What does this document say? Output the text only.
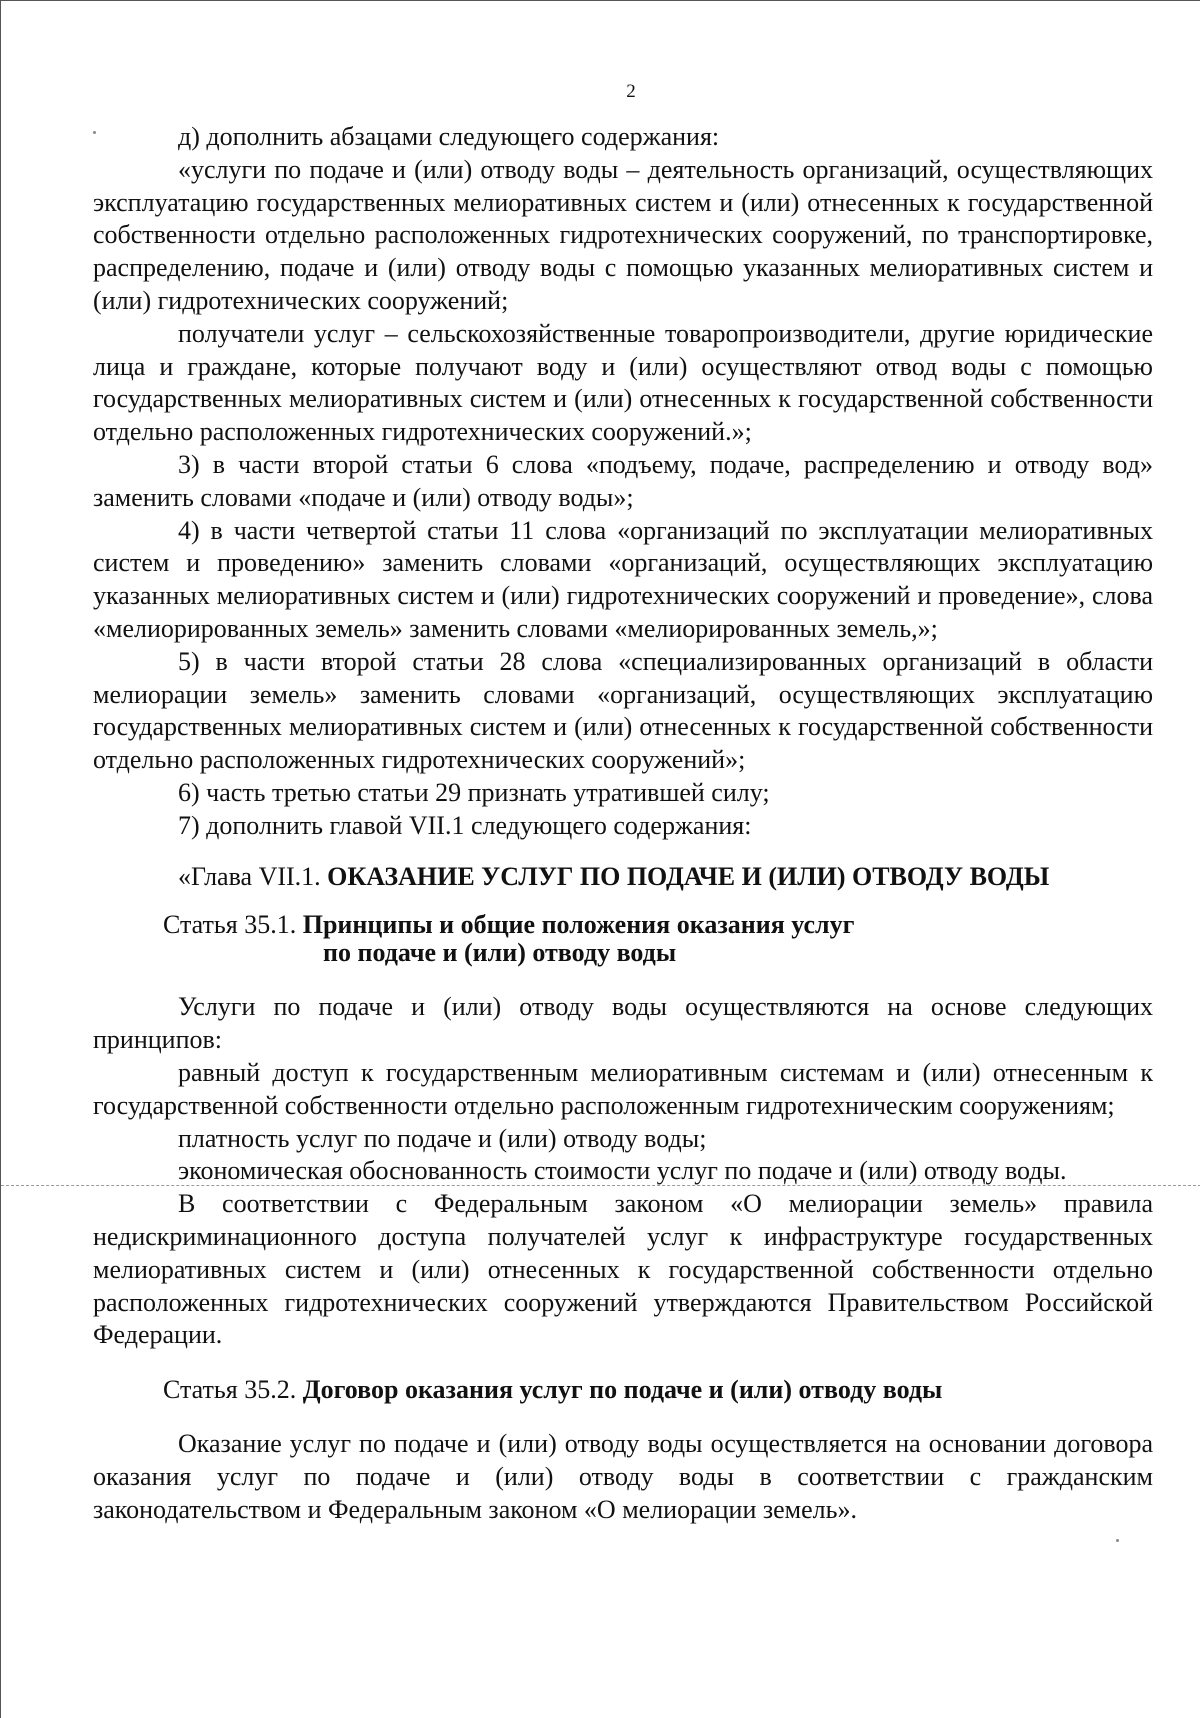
2

д) дополнить абзацами следующего содержания:

«услуги по подаче и (или) отводу воды – деятельность организаций, осуществляющих эксплуатацию государственных мелиоративных систем и (или) отнесенных к государственной собственности отдельно расположенных гидротехнических сооружений, по транспортировке, распределению, подаче и (или) отводу воды с помощью указанных мелиоративных систем и (или) гидротехнических сооружений;

получатели услуг – сельскохозяйственные товаропроизводители, другие юридические лица и граждане, которые получают воду и (или) осуществляют отвод воды с помощью государственных мелиоративных систем и (или) отнесенных к государственной собственности отдельно расположенных гидротехнических сооружений.»;

3) в части второй статьи 6 слова «подъему, подаче, распределению и отводу вод» заменить словами «подаче и (или) отводу воды»;

4) в части четвертой статьи 11 слова «организаций по эксплуатации мелиоративных систем и проведению» заменить словами «организаций, осуществляющих эксплуатацию указанных мелиоративных систем и (или) гидротехнических сооружений и проведение», слова «мелиорированных земель» заменить словами «мелиорированных земель,»;

5) в части второй статьи 28 слова «специализированных организаций в области мелиорации земель» заменить словами «организаций, осуществляющих эксплуатацию государственных мелиоративных систем и (или) отнесенных к государственной собственности отдельно расположенных гидротехнических сооружений»;

6) часть третью статьи 29 признать утратившей силу;

7) дополнить главой VII.1 следующего содержания:

«Глава VII.1. ОКАЗАНИЕ УСЛУГ ПО ПОДАЧЕ И (ИЛИ) ОТВОДУ ВОДЫ

Статья 35.1. Принципы и общие положения оказания услуг
по подаче и (или) отводу воды

Услуги по подаче и (или) отводу воды осуществляются на основе следующих принципов:

равный доступ к государственным мелиоративным системам и (или) отнесенным к государственной собственности отдельно расположенным гидротехническим сооружениям;

платность услуг по подаче и (или) отводу воды;

экономическая обоснованность стоимости услуг по подаче и (или) отводу воды.

В соответствии с Федеральным законом «О мелиорации земель» правила недискриминационного доступа получателей услуг к инфраструктуре государственных мелиоративных систем и (или) отнесенных к государственной собственности отдельно расположенных гидротехнических сооружений утверждаются Правительством Российской Федерации.

Статья 35.2. Договор оказания услуг по подаче и (или) отводу воды

Оказание услуг по подаче и (или) отводу воды осуществляется на основании договора оказания услуг по подаче и (или) отводу воды в соответствии с гражданским законодательством и Федеральным законом «О мелиорации земель».
